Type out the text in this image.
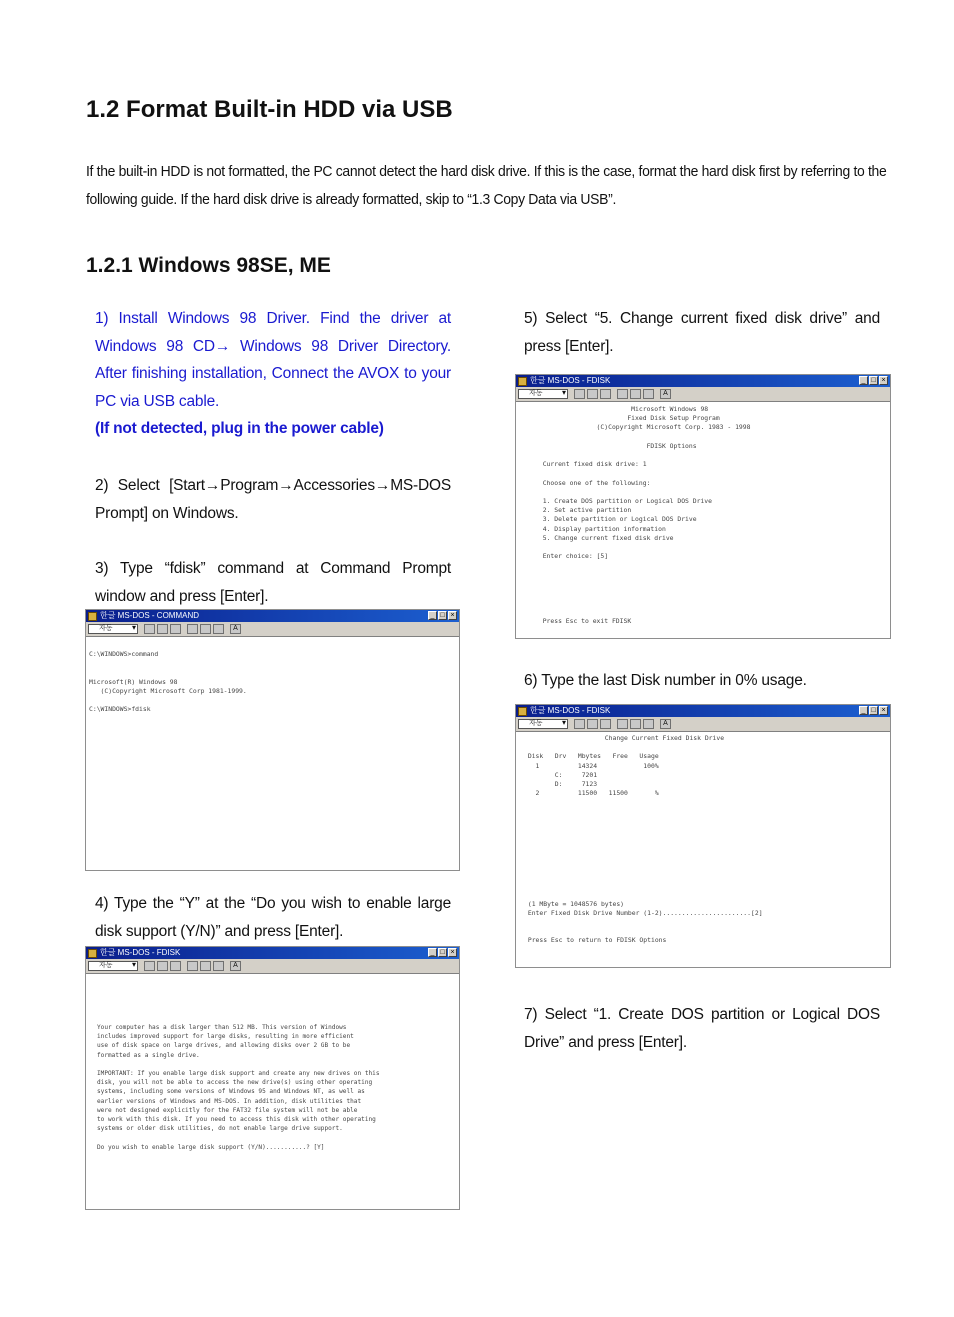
1.2 Format Built-in HDD via USB

If the built-in HDD is not formatted, the PC cannot detect the hard disk drive. If this is the case, format the hard disk first by referring to the following guide. If the hard disk drive is already formatted, skip to “1.3 Copy Data via USB”.

1.2.1 Windows 98SE, ME
1) Install Windows 98 Driver. Find the driver at Windows 98 CD→ Windows 98 Driver Directory. After finishing installation, Connect the AVOX to your PC via USB cable.
(If not detected, plug in the power cable)

2) Select [Start→Program→Accessories→MS-DOS Prompt] on Windows.

3) Type “fdisk” command at Command Prompt window and press [Enter].

한글 MS-DOS - COMMAND	_ □ ×
자동 ▾	A
C:\WINDOWS>command

Microsoft(R) Windows 98
(C)Copyright Microsoft Corp 1981-1999.

C:\WINDOWS>fdisk

4) Type the “Y” at the “Do you wish to enable large disk support (Y/N)” and press [Enter].

한글 MS-DOS - FDISK	_ □ ×
자동 ▾	A
Your computer has a disk larger than 512 MB. This version of Windows
includes improved support for large disks, resulting in more efficient
use of disk space on large drives, and allowing disks over 2 GB to be
formatted as a single drive.

IMPORTANT: If you enable large disk support and create any new drives on this
disk, you will not be able to access the new drive(s) using other operating
systems, including some versions of Windows 95 and Windows NT, as well as
earlier versions of Windows and MS-DOS. In addition, disk utilities that
were not designed explicitly for the FAT32 file system will not be able
to work with this disk. If you need to access this disk with other operating
systems or older disk utilities, do not enable large drive support.

Do you wish to enable large disk support (Y/N)...........? [Y]

5) Select “5. Change current fixed disk drive” and press [Enter].

한글 MS-DOS - FDISK	_ □ ×
자동 ▾	A
Microsoft Windows 98
Fixed Disk Setup Program
(C)Copyright Microsoft Corp. 1983 - 1998

FDISK Options

Current fixed disk drive: 1

Choose one of the following:

1. Create DOS partition or Logical DOS Drive
2. Set active partition
3. Delete partition or Logical DOS Drive
4. Display partition information
5. Change current fixed disk drive

Enter choice: [5]

Press Esc to exit FDISK

6) Type the last Disk number in 0% usage.

한글 MS-DOS - FDISK	_ □ ×
자동 ▾	A
Change Current Fixed Disk Drive

Disk   Drv   Mbytes   Free   Usage
1          14324            100%
C:     7201
D:     7123
2          11500   11500       %

(1 MByte = 1048576 bytes)
Enter Fixed Disk Drive Number (1-2).......................[2]

Press Esc to return to FDISK Options

7) Select “1. Create DOS partition or Logical DOS Drive” and press [Enter].
